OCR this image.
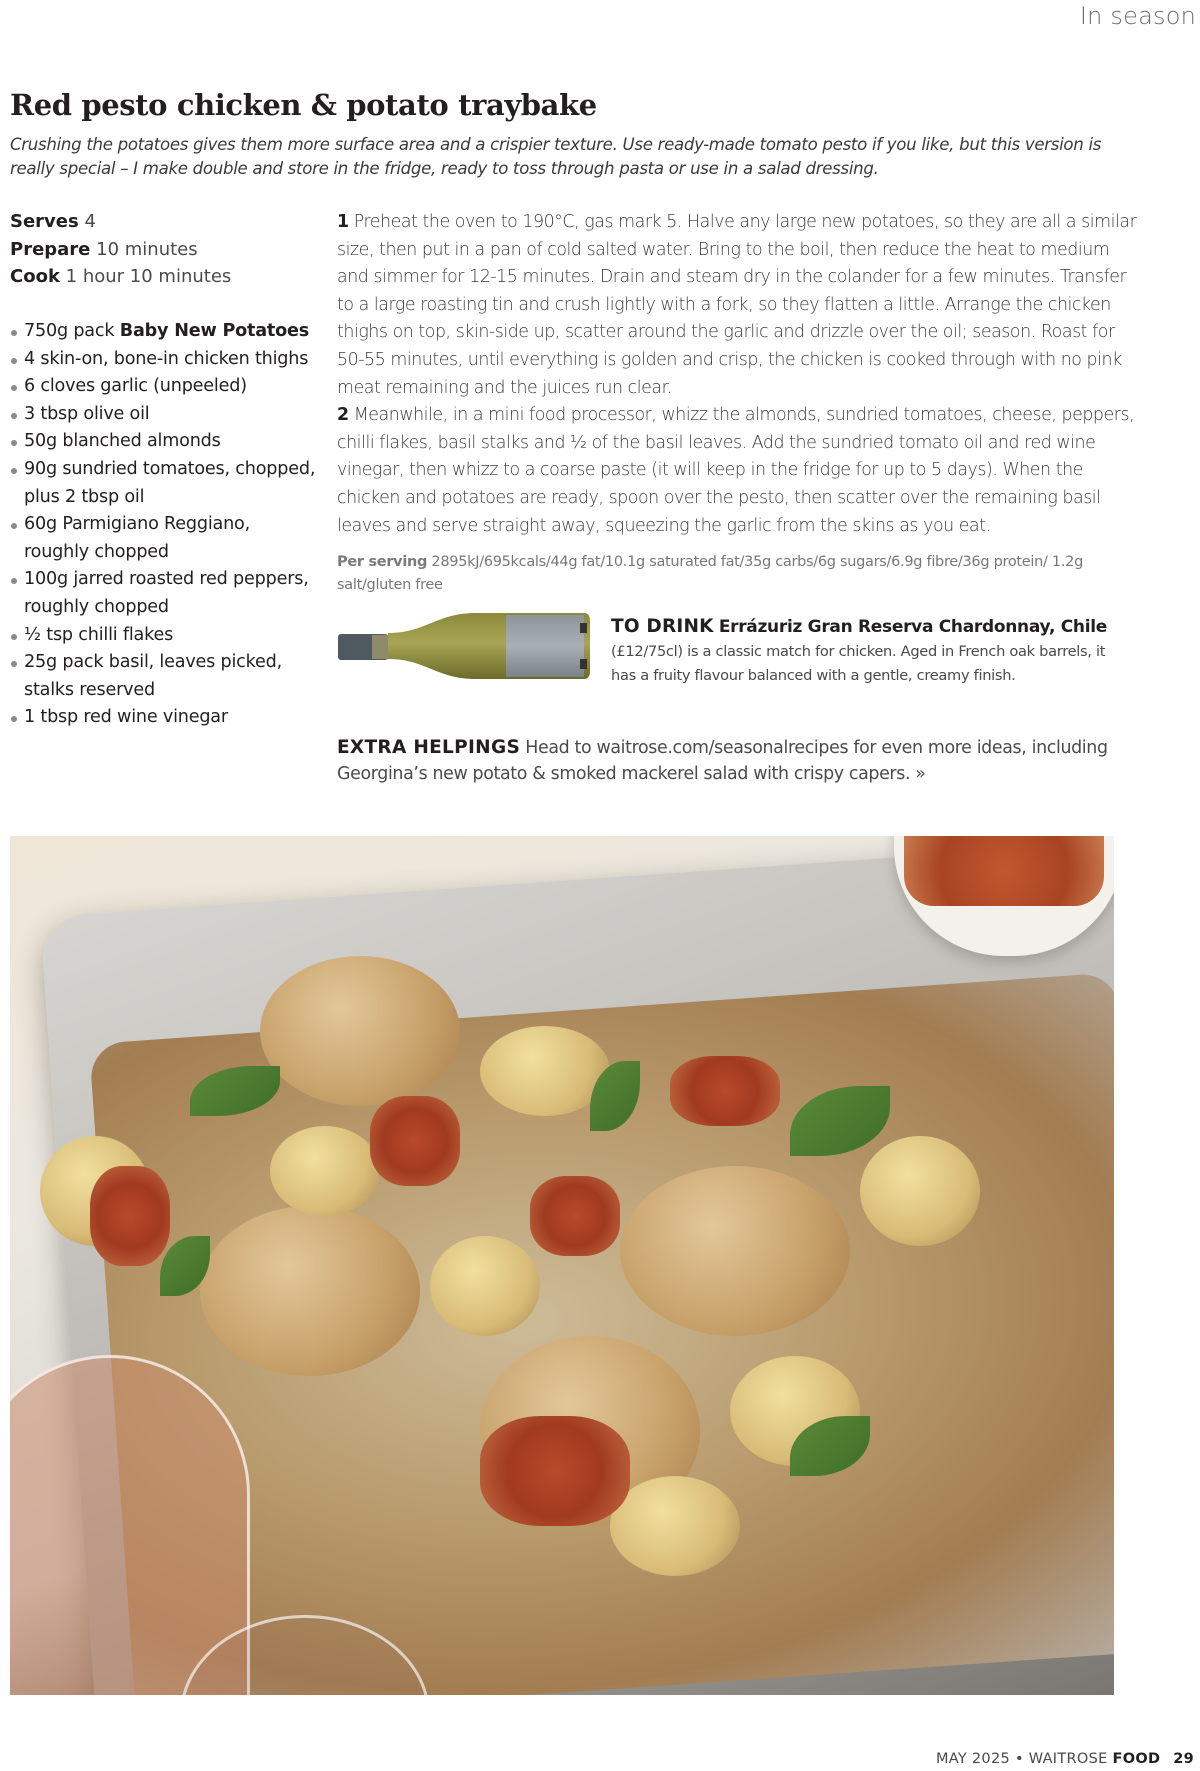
In season
Red pesto chicken & potato traybake

Crushing the potatoes gives them more surface area and a crispier texture. Use ready-made tomato pesto if you like, but this version is really special – I make double and store in the fridge, ready to toss through pasta or use in a salad dressing.

Serves 4
Prepare 10 minutes
Cook 1 hour 10 minutes
750g pack Baby New Potatoes
4 skin-on, bone-in chicken thighs
6 cloves garlic (unpeeled)
3 tbsp olive oil
50g blanched almonds
90g sundried tomatoes, chopped, plus 2 tbsp oil
60g Parmigiano Reggiano, roughly chopped
100g jarred roasted red peppers, roughly chopped
½ tsp chilli flakes
25g pack basil, leaves picked, stalks reserved
1 tbsp red wine vinegar

1 Preheat the oven to 190°C, gas mark 5. Halve any large new potatoes, so they are all a similar size, then put in a pan of cold salted water. Bring to the boil, then reduce the heat to medium and simmer for 12-15 minutes. Drain and steam dry in the colander for a few minutes. Transfer to a large roasting tin and crush lightly with a fork, so they flatten a little. Arrange the chicken thighs on top, skin-side up, scatter around the garlic and drizzle over the oil; season. Roast for 50-55 minutes, until everything is golden and crisp, the chicken is cooked through with no pink meat remaining and the juices run clear.

2 Meanwhile, in a mini food processor, whizz the almonds, sundried tomatoes, cheese, peppers, chilli flakes, basil stalks and ½ of the basil leaves. Add the sundried tomato oil and red wine vinegar, then whizz to a coarse paste (it will keep in the fridge for up to 5 days). When the chicken and potatoes are ready, spoon over the pesto, then scatter over the remaining basil leaves and serve straight away, squeezing the garlic from the skins as you eat.

Per serving 2895kJ/695kcals/44g fat/10.1g saturated fat/35g carbs/6g sugars/6.9g fibre/36g protein/ 1.2g salt/gluten free
TO DRINK Errázuriz Gran Reserva Chardonnay, Chile
(£12/75cl) is a classic match for chicken. Aged in French oak barrels, it has a fruity flavour balanced with a gentle, creamy finish.
EXTRA HELPINGS Head to waitrose.com/seasonalrecipes for even more ideas, including Georgina’s new potato & smoked mackerel salad with crispy capers. »
MAY 2025 • WAITROSE FOOD 29
